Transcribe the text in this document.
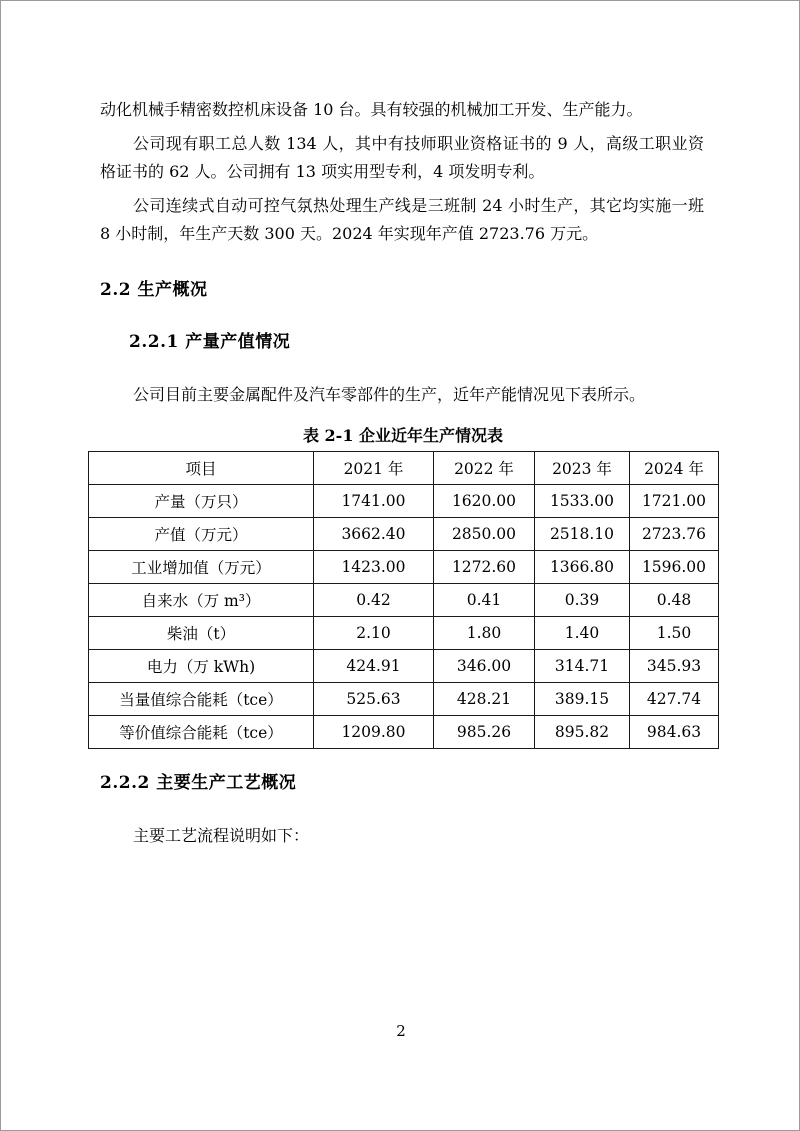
动化机械手精密数控机床设备 10 台。具有较强的机械加工开发、生产能力。

公司现有职工总人数 134 人，其中有技师职业资格证书的 9 人，高级工职业资格证书的 62 人。公司拥有 13 项实用型专利，4 项发明专利。

公司连续式自动可控气氛热处理生产线是三班制 24 小时生产，其它均实施一班 8 小时制，年生产天数 300 天。2024 年实现年产值 2723.76 万元。

2.2 生产概况
2.2.1 产量产值情况
公司目前主要金属配件及汽车零部件的生产，近年产能情况见下表所示。
表 2-1 企业近年生产情况表
项目	2021 年	2022 年	2023 年	2024 年
产量（万只）	1741.00	1620.00	1533.00	1721.00
产值（万元）	3662.40	2850.00	2518.10	2723.76
工业增加值（万元）	1423.00	1272.60	1366.80	1596.00
自来水（万 m³）	0.42	0.41	0.39	0.48
柴油（t）	2.10	1.80	1.40	1.50
电力（万 kWh)	424.91	346.00	314.71	345.93
当量值综合能耗（tce）	525.63	428.21	389.15	427.74
等价值综合能耗（tce）	1209.80	985.26	895.82	984.63
2.2.2 主要生产工艺概况
主要工艺流程说明如下：
2
